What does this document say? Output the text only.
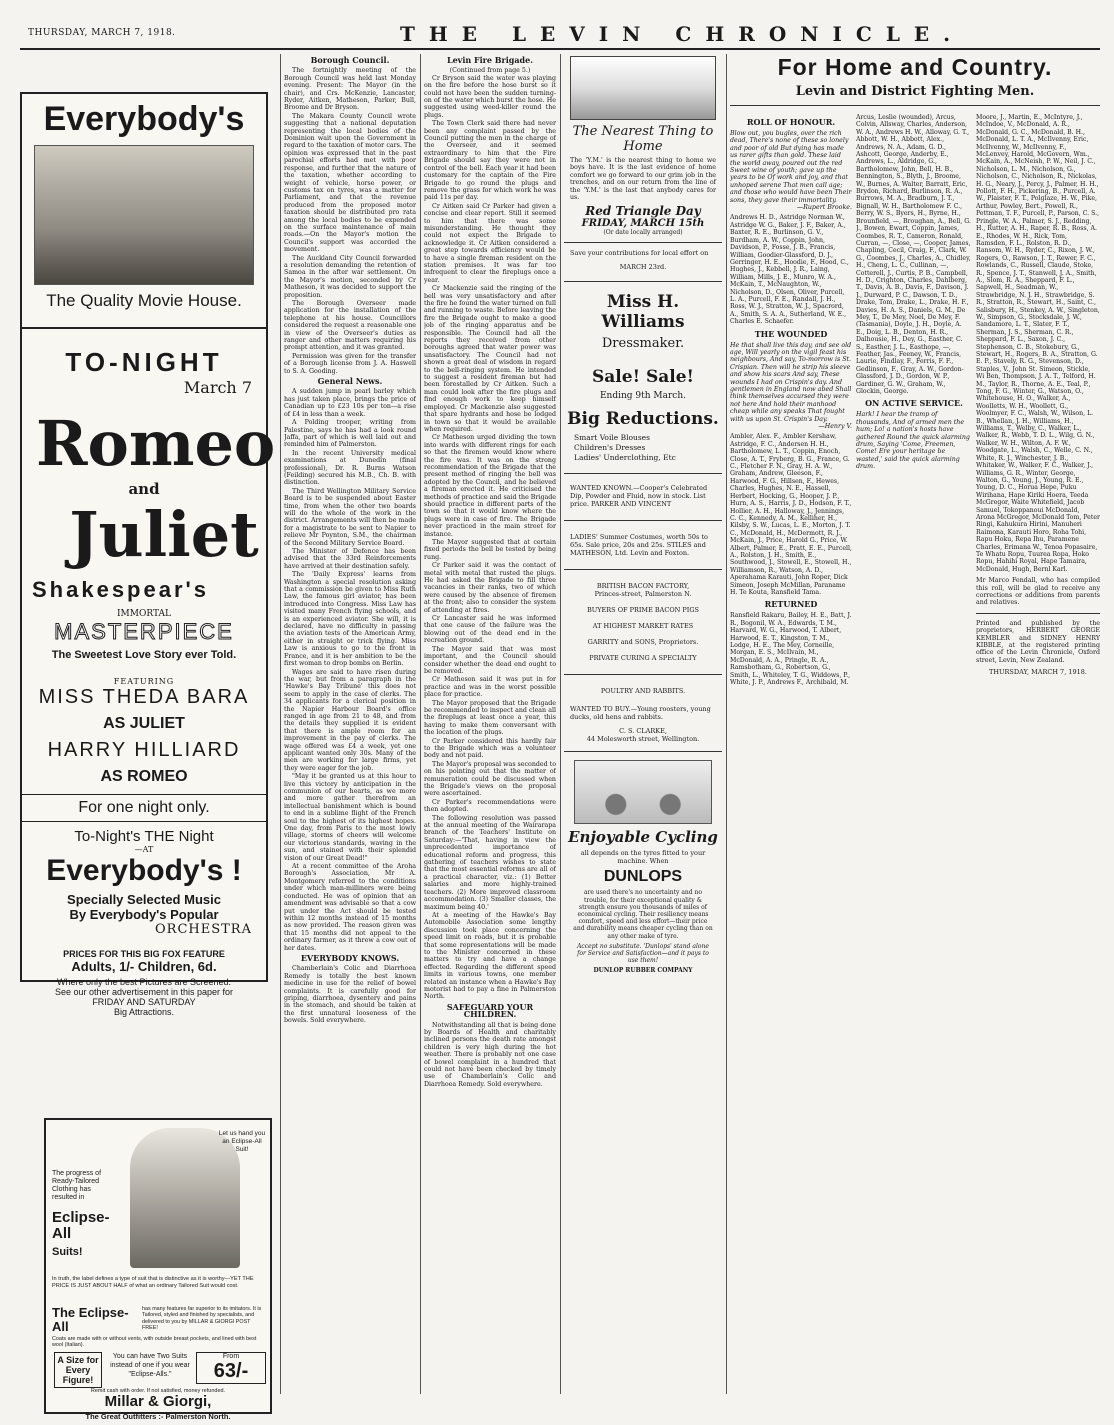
THURSDAY, MARCH 7, 1918.	THE LEVIN CHRONICLE.
Everybody's
The Quality Movie House.
TO-NIGHT
March 7
Romeo
and
Juliet
Shakespear's
IMMORTAL
MASTERPIECE
The Sweetest Love Story ever Told.
FEATURING
MISS THEDA BARA
AS JULIET
HARRY HILLIARD
AS ROMEO
For one night only.
To-Night's THE Night
—AT
Everybody's !
Specially Selected Music
By Everybody's Popular
ORCHESTRA
PRICES FOR THIS BIG FOX FEATURE
Adults, 1/- Children, 6d.
Where only the best Pictures are Screened.
See our other advertisement in this paper for
FRIDAY AND SATURDAY
Big Attractions.
The progress of Ready-Tailored Clothing has resulted in
Eclipse-All
Suits!
Let us hand you an Eclipse-All Suit!
In truth, the label defines a type of suit that is distinctive as it is worthy—YET THE PRICE IS JUST ABOUT HALF of what an ordinary Tailored Suit would cost.
The Eclipse-All
has many features far superior to its imitators. It is Tailored, styled and finished by specialists, and delivered to you by MILLAR & GIORGI POST FREE!
Coats are made with or without vents, with outside breast pockets, and lined with best wool (Italian).
A Size for Every Figure!
You can have Two Suits instead of one if you wear "Eclipse-Alls."
From
63/-
Remit cash with order. If not satisfied, money refunded.
Millar & Giorgi,
The Great Outfitters :- Palmerston North.
Borough Council.

The fortnightly meeting of the Borough Council was held last Monday evening. Present: The Mayor (in the chair), and Crs. McKenzie, Lancaster, Ryder, Aitken, Matheson, Parker, Bull, Broome and Dr Bryson.

The Makara County Council wrote suggesting that a national deputation representing the local bodies of the Dominion wait upon the Government in regard to the taxation of motor cars. The opinion was expressed that in the past parochial efforts had met with poor response, and further that the nature of the taxation, whether according to weight of vehicle, horse power, or customs tax on tyres, was a matter for Parliament, and that the revenue produced from the proposed motor taxation should be distributed pro rata among the local bodies to be expended on the surface maintenance of main roads.—On the Mayor's motion the Council's support was accorded the movement.

The Auckland City Council forwarded a resolution demanding the retention of Samoa in the after war settlement. On the Mayor's motion, seconded by Cr Matheson, it was decided to support the proposition.

The Borough Overseer made application for the installation of the telephone at his house. Councillors considered the request a reasonable one in view of the Overseer's duties as ranger and other matters requiring his prompt attention, and it was granted.

Permission was given for the transfer of a Borough license from J. A. Haswell to S. A. Gooding.

General News.

A sudden jump in pearl barley which has just taken place, brings the price of Canadian up to £23 10s per ton—a rise of £4 in less than a week.

A Polding trooper, writing from Palestine, says he has had a look round Jaffa, part of which is well laid out and reminded him of Palmerston.

In the recent University medical examinations at Dunedin (final professional), Dr. R. Burns Watson (Feilding) secured his M.B., Ch. B. with distinction.

The Third Wellington Military Service Board is to be suspended about Easter time, from when the other two boards will do the whole of the work in the district. Arrangements will then be made for a magistrate to be sent to Napier to relieve Mr Poynton, S.M., the chairman of the Second Military Service Board.

The Minister of Defence has been advised that the 33rd Reinforcements have arrived at their destination safely.

The 'Daily Express' learns from Washington a special resolution asking that a commission be given to Miss Ruth Law, the famous girl aviator, has been introduced into Congress. Miss Law has visited many French flying schools, and is an experienced aviator. She will, it is declared, have no difficulty in passing the aviation tests of the American Army, either in straight or trick flying. Miss Law is anxious to go to the front in France, and it is her ambition to be the first woman to drop bombs on Berlin.

Wages are said to have risen during the war, but from a paragraph in the 'Hawke's Bay Tribune' this does not seem to apply in the case of clerks. The 34 applicants for a clerical position in the Napier Harbour Board's office ranged in age from 21 to 48, and from the details they supplied it is evident that there is ample room for an improvement in the pay of clerks. The wage offered was £4 a week, yet one applicant wanted only 30s. Many of the men are working for large firms, yet they were eager for the job.

"May it be granted us at this hour to live this victory by anticipation in the communion of our hearts, as we more and more gather therefrom an intellectual banishment which is bound to end in a sublime flight of the French soul to the highest of its highest hopes. One day, from Paris to the most lowly village, storms of cheers will welcome our victorious standards, waving in the sun, and stained with their splendid vision of our Great Dead!"

At a recent committee of the Aroha Borough's Association, Mr A. Montgomery referred to the conditions under which man-milliners were being conducted. He was of opinion that an amendment was advisable so that a cow put under the Act should be tested within 12 months instead of 15 months as now provided. The reason given was that 15 months did not appeal to the ordinary farmer, as it threw a cow out of her dates.

EVERYBODY KNOWS.

Chamberlain's Colic and Diarrhoea Remedy is totally the best known medicine in use for the relief of bowel complaints. It is carefully good for griping, diarrhoea, dysentery and pains in the stomach, and should be taken at the first unnatural looseness of the bowels. Sold everywhere.

Levin Fire Brigade.
(Continued from page 5.)

Cr Bryson said the water was playing on the fire before the hose burst so it could not have been the sudden turning-on of the water which burst the hose. He suggested using weed-killer round the plugs.

The Town Clerk said there had never been any complaint passed by the Council putting the men in the charge of the Overseer, and it seemed extraordinary to him that the Fire Brigade should say they were not in control of the bell. Each year it had been customary for the captain of the Fire Brigade to go round the plugs and remove the grass for which work he was paid 11s per day.

Cr Aitken said Cr Parker had given a concise and clear report. Still it seemed to him that there was some misunderstanding. He thought they could not expect the Brigade to acknowledge it. Cr Aitken considered a great step towards efficiency would be to have a single fireman resident on the station premises. It was far too infrequent to clear the fireplugs once a year.

Cr Mackenzie said the ringing of the bell was very unsatisfactory and after the fire he found the water turned on full and running to waste. Before leaving the fire the Brigade ought to make a good job of the ringing apparatus and be responsible. The Council had all the reports they received from other boroughs agreed that water power was unsatisfactory. The Council had not shown a great deal of wisdom in regard to the bell-ringing system. He intended to suggest a resident fireman but had been forestalled by Cr Aitken. Such a man could look after the fire plugs and find enough work to keep himself employed. Cr Mackenzie also suggested that spare hydrants and hose be lodged in town so that it would be available when required.

Cr Matheson urged dividing the town into wards with different rings for each so that the firemen would know where the fire was. It was on the strong recommendation of the Brigade that the present method of ringing the bell was adopted by the Council, and he believed a fireman erected it. He criticised the methods of practice and said the Brigade should practice in different parts of the town so that it would know where the plugs were in case of fire. The Brigade never practiced in the main street for instance.

The Mayor suggested that at certain fixed periods the bell be tested by being rung.

Cr Parker said it was the contact of metal with metal that rusted the plugs. He had asked the Brigade to fill three vacancies in their ranks, two of which were caused by the absence of firemen at the front; also to consider the system of attending at fires.

Cr Lancaster said he was informed that one cause of the failure was the blowing out of the dead end in the recreation ground.

The Mayor said that was most important, and the Council should consider whether the dead end ought to be removed.

Cr Matheson said it was put in for practice and was in the worst possible place for practice.

The Mayor proposed that the Brigade be recommended to inspect and clean all the fireplugs at least once a year, this having to make them conversant with the location of the plugs.

Cr Parker considered this hardly fair to the Brigade which was a volunteer body and not paid.

The Mayor's proposal was seconded to on his pointing out that the matter of remuneration could be discussed when the Brigade's views on the proposal were ascertained.

Cr Parker's recommendations were then adopted.

The following resolution was passed at the annual meeting of the Wairarapa branch of the Teachers' Institute on Saturday:—'That, having in view the unprecedented importance of educational reform and progress, this gathering of teachers wishes to state that the most essential reforms are all of a practical character, viz.: (1) Better salaries and more highly-trained teachers. (2) More improved classroom accommodation. (3) Smaller classes, the maximum being 40.'

At a meeting of the Hawke's Bay Automobile Association some lengthy discussion took place concerning the speed limit on roads, but it is probable that some representations will be made to the Minister concerned in these matters to try and have a change effected. Regarding the different speed limits in various towns, one member related an instance when a Hawke's Bay motorist had to pay a fine in Palmerston North.

SAFEGUARD YOUR CHILDREN.

Notwithstanding all that is being done by Boards of Health and charitably inclined persons the death rate amongst children is very high during the hot weather. There is probably not one case of bowel complaint in a hundred that could not have been checked by timely use of Chamberlain's Colic and Diarrhoea Remedy. Sold everywhere.

The Nearest Thing to Home
The 'Y.M.' is the nearest thing to home we boys have. It is the last evidence of home comfort we go forward to our grim job in the trenches, and on our return from the line of the 'Y.M.' is the last that anybody cares for us.
Red Triangle Day
FRIDAY, MARCH 15th
(Or date locally arranged)
Save your contributions for local effort on
MARCH 23rd.
Miss H. Williams
Dressmaker.
Sale! Sale!
Ending 9th March.
Big Reductions.
Smart Voile Blouses
Children's Dresses
Ladies' Underclothing, Etc
WANTED KNOWN.—Cooper's Celebrated Dip, Powder and Fluid, now in stock. List price. PARKER AND VINCENT
LADIES' Summer Costumes, worth 50s to 65s. Sale price, 20s and 25s. STILES and MATHESON, Ltd. Levin and Foxton.
BRITISH BACON FACTORY,
Princes-street, Palmerston N.
BUYERS OF PRIME BACON PIGS
AT HIGHEST MARKET RATES
GARRITY and SONS, Proprietors.
PRIVATE CURING A SPECIALTY
POULTRY AND RABBITS.
WANTED TO BUY.—Young roosters, young ducks, old hens and rabbits.
C. S. CLARKE,
44 Molesworth street, Wellington.
Enjoyable Cycling
all depends on the tyres fitted to your machine. When
DUNLOPS
are used there's no uncertainty and no trouble, for their exceptional quality & strength ensure you thousands of miles of economical cycling. Their resiliency means comfort, speed and less effort—their price and durability means cheaper cycling than on any other make of tyre.
Accept no substitute. 'Dunlops' stand alone for Service and Satisfaction—and it pays to use them!
DUNLOP RUBBER COMPANY
For Home and Country.
Levin and District Fighting Men.
ROLL OF HONOUR.
Blow out, you bugles, over the rich dead, There's none of these so lonely and poor of old But dying has made us rarer gifts than gold. These laid the world away, poured out the red Sweet wine of youth; gave up the years to be Of work and joy, and that unhoped serene That men call age; and those who would have been Their sons, they gave their immortality.
—Rupert Brooke.
Andrews H. D., Astridge Norman W., Astridge W. G., Baker, J. F., Baker, A., Baxter, R. E., Burlinson, G. V., Burdham, A. W., Coppin, John, Davidson, P., Fosse, J. B., Francis, William, Goodier-Glassford, D. J., Gerringer, H. E., Hoodie, F., Hood, C., Hughes, J., Kebbell, J. R., Laing, William, Mills, J. E., Munro, W. A., McKain, T., McNaughton, W., Nicholson, D., Olsen, Oliver, Purcell, L. A., Purcell, F. E., Randall, J. H., Ross, W. J., Stratton, W. J., Spacrord, A., Smith, S. A. A., Sutherland, W. E., Charles E. Schaefer.
THE WOUNDED
He that shall live this day, and see old age, Will yearly on the vigil feast his neighbours, And say, To-morrow is St. Crispian. Then will he strip his sleeve and show his scars And say, These wounds I had on Crispin's day. And gentlemen in England now abed Shall think themselves accursed they were not here And hold their manhood cheap while any speaks That fought with us upon St. Crispin's Day.
—Henry V.
Ambler, Alex. F., Ambler Kershaw, Astridge, F. C., Andersen H. H., Bartholomew, L. T., Coppin, Enoch, Close, A. T., Fryberg, B. G., France, G. C., Fletcher F. N., Gray, H. A. W., Graham, Andrew, Gleeson, F., Harwood, F. G., Hillsen, F., Hewes, Charles, Hughes, N. E., Hassell, Herbert, Hocking, G., Hooper, J. P., Hurn, A. S., Harris, J. D., Hodson, F. T., Hollier, A. H., Halloway, J., Jennings, C. C., Kennedy, A. M., Kelliher, H., Kilsby, S. W., Lucas, L. E., Morton, J. T. C., McDonald, H., McDermott, R. J., McKain, J., Price, Harold G., Price, W. Albert, Palmer, E., Pratt, E. E., Purcell, A., Rolston, J. H., Smith, E., Southwood, J., Stowell, E., Stowell, H., Williamson, R., Watson, A. D., Aperahama Karauti, John Roper, Dick Simeon, Joseph McMillan, Paraname H. Te Kouta, Ransfield Tama.
RETURNED
Ransfield Rakaru, Bailey, H. E., Batt, J. R., Bogonil, W. A., Edwards, T. M., Harvard, W. G., Harwood, T. Albert, Harwood, E. T., Kingston, T. M., Lodge, H. E., The Mey, Corneille, Morgan, E. S., McIlvain, M., McDonald, A. A., Pringle, R. A., Ramsbotham, G., Robertson, G., Smith, L., Whiteley, T. G., Widdows, P., White, J. P., Andrews F., Archibald, M.
Arcus, Leslie (wounded), Arcus, Colvin, Allsway, Charles, Anderson, W. A., Andrews H. W., Alloway, G. T., Abbott, W. H., Abbott, Alex., Andrews, N. A., Adam, G. D., Ashcott, George, Anderby, E., Andrews, L., Aldridge, G., Bartholomew, John, Bell, H. B., Bennington, S., Blyth, J., Broome, W., Burnes, A. Walter, Barratt, Eric, Brydon, Richard, Burlinson, R. A., Burrows, M. A., Bradburn, J. T., Bignall, W. H., Bartholomew F. C., Berry, W. S., Byers, H., Byrne, H., Brounfield, —, Broughan, A., Bell, G. J., Bowen, Ewart, Coppin, James, Coombes, R. T., Cameron, Ronald, Curran, —, Close, —, Cooper, James, Chapling, Cecil, Craig, F., Clark, W. G., Coombes, J., Charles, A., Chidley, H., Cheng, L. C., Cullinan, —, Cotterell, J., Curtis, P. B., Campbell, H. D., Crighton, Charles, Dahlberg, T., Davis, A. B., Davis, F., Davison, J. J., Durward, P. C., Dawson, T. D., Drake, Tom, Drake, L., Drake, H. F., Davies, H. A. S., Daniels, G. M., De Mey, T., De Mey, Noel, De Mey, F. (Tasmania), Doyle, J. H., Doyle, A. E., Doig, L. B., Denton, H. R., Dalhousie, H., Dey, G., Easther, C. S., Easther, J. L., Easthope, —, Feather, Jas., Feeney, W., Francis, Laurie, Findlay, F., Ferris, F. F., Gedlinson, F., Gray, A. W., Gordon-Glassford, J. D., Gordon, W. P., Gardiner, G. W., Graham, W., Glockin, George.
ON ACTIVE SERVICE.
Hark! I hear the tramp of thousands, And of armed men the hum; Lo! a nation's hosts have gathered Round the quick alarming drum, Saying 'Come, Freemen, Come! Ere your heritage be wasted,' said the quick alarming drum.
Moore, J., Martin, E., McIntyre, J., McIndoe, V., McDonald, A. R., McDonald, G. C., McDonald, B. H., McDonald, L. T. A., McIlvenny, Eric, McIlvenny, W., McIlvenny, F., McLenvey, Harold, McGovern, Wm., McKain, A., McNeish, P. W., Neil, J. C., Nicholson, L. M., Nicholson, G., Nicholson, C., Nicholson, R., Nickolas, H. G., Neary, J., Percy, J., Palmer, H. H., Pollott, F. H., Pickering, B., Purcell, A. W., Plaister, F. T., Polglaze, H. W., Pike, Arthur, Powley, Bert., Powell, R., Pettman, T. F., Purcell, P., Parson, C. S., Pringle, W. A., Palmer, S. J., Redding, H., Rutter, A. H., Raper, R. B., Ross, A. E., Rhodes, W. H., Rick, Tom, Ramsden, F. L., Rolston, R. D., Ransom, W. H., Ryder, C., Rixon, J. W., Rogers, O., Rawson, J. T., Rewer, F. C., Rowlands, C., Russell, Claude, Stoke, R., Spence, J. T., Stanwell, J. A., Smith, A., Slom, R. A., Sheppard, F. L., Sapwell, H., Seadman, W., Strawbridge, N. J. H., Strawbridge, S. R., Stratton, R., Stewart, H., Saint, C., Salisbury, H., Stenkey, A. W., Singleton, W., Simpson, G., Stocksdale, J. W., Sandamore, L. T., Slater, F. T., Sherman, J. S., Sherman, C. R., Sheppard, F. L., Saxon, J. C., Stephenson, C. B., Stokebury, G., Stewart, H., Rogers, B. A., Stratton, G. E. P., Stavely, R. G., Stevenson, D., Staples, V., John St. Simeon, Stickle, Wi Ben, Thompson, J. A. T., Telford, H. M., Taylor, R., Thorne, A. E., Teal, P., Tong, F. G., Winter, G., Watson, O., Whitehouse, H. O., Walker, A., Woolletts, W. H., Woollett, G., Woolmyer, F. C., Walsh, W., Wilson, L. B., Whellan, J. H., Williams, H., Williams, T., Welby, C., Walker, L., Walker, R., Webb, T. D. L., Wilg, G. N., Walker, W. H., Wilton, A. F. W., Woodgate, L., Walsh, C., Welle, C. N., White, R. J., Winchester, J. B., Whitaker, W., Walker, F. C., Walker, J., Williams, G. R., Winter, George, Walton, G., Young, J., Young, R. E., Young, D. C., Horua Hepe, Puku Wirihana, Hape Kiriki Hoera, Teeda McGregor, Waite Whitefield, Jacob Samuel, Tokoppanoui McDonald, Arona McGregor, McDonald Tom, Peter Ringi, Kahukura Hirini, Manuheri Raimona, Karauti Horo, Roha Tohi, Rapu Hoku, Repa Ihu, Paramene Charles, Erimana W., Tenoa Popasaire, Te Whatu Ropu, Tuurea Ropa, Hoko Ropu, Hahihi Royal, Hape Tamaira, McDonald, Hugh, Bernl Karl.
Mr Marco Fendall, who has compiled this roll, will be glad to receive any corrections or additions from parents and relatives.
Printed and published by the proprietors, HERBERT GEORGE KEMBLER and SIDNEY HENRY KIBBLE, at the registered printing office of the Levin Chronicle, Oxford street, Levin, New Zealand.
THURSDAY, MARCH 7, 1918.
